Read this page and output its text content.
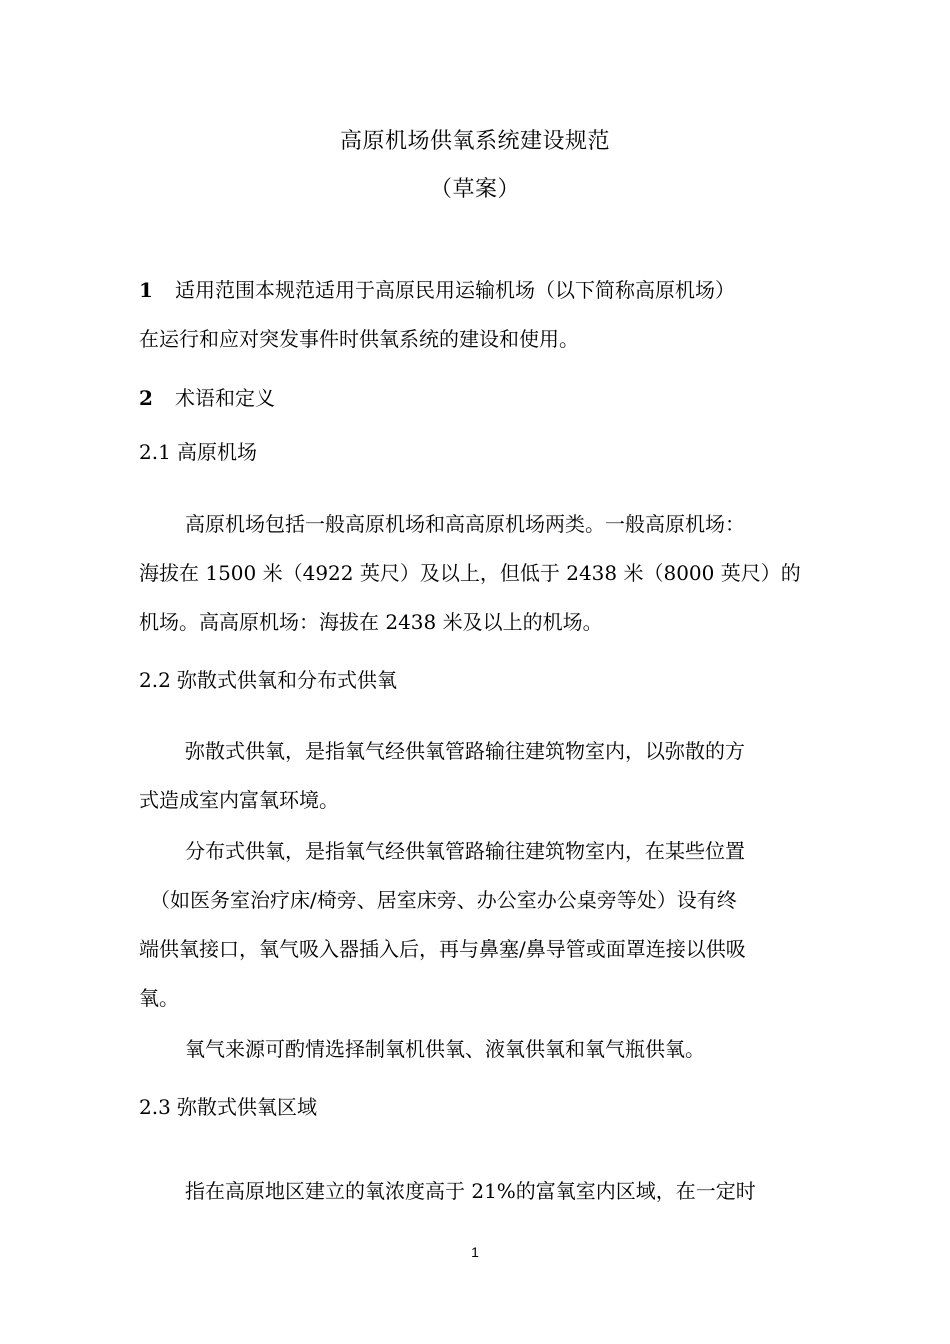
高原机场供氧系统建设规范
（草案）
1 适用范围本规范适用于高原民用运输机场（以下简称高原机场）
在运行和应对突发事件时供氧系统的建设和使用。
2 术语和定义
2.1 高原机场
高原机场包括一般高原机场和高高原机场两类。一般高原机场：
海拔在 1500 米（4922 英尺）及以上，但低于 2438 米（8000 英尺）的
机场。高高原机场：海拔在 2438 米及以上的机场。
2.2 弥散式供氧和分布式供氧
弥散式供氧，是指氧气经供氧管路输往建筑物室内，以弥散的方
式造成室内富氧环境。
分布式供氧，是指氧气经供氧管路输往建筑物室内，在某些位置
（如医务室治疗床/椅旁、居室床旁、办公室办公桌旁等处）设有终
端供氧接口，氧气吸入器插入后，再与鼻塞/鼻导管或面罩连接以供吸
氧。
氧气来源可酌情选择制氧机供氧、液氧供氧和氧气瓶供氧。
2.3 弥散式供氧区域
指在高原地区建立的氧浓度高于 21%的富氧室内区域，在一定时
1
